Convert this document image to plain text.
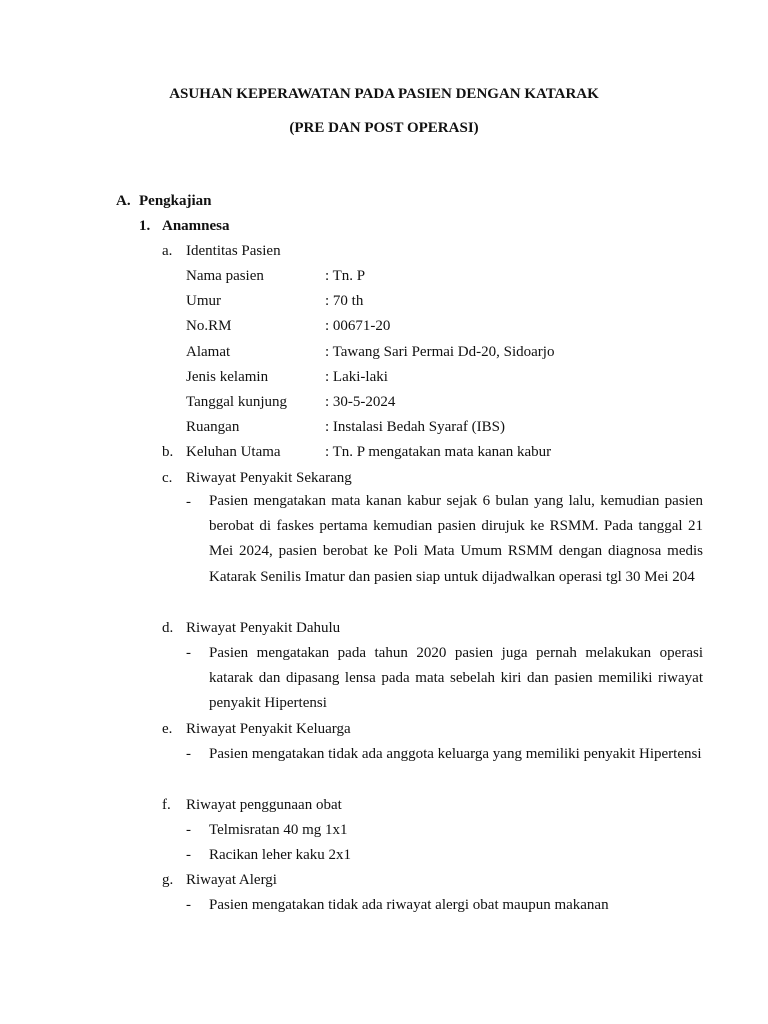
ASUHAN KEPERAWATAN PADA PASIEN DENGAN KATARAK
(PRE DAN POST OPERASI)
A. Pengkajian
1. Anamnesa
a. Identitas Pasien
Nama pasien	: Tn. P
Umur	: 70 th
No.RM	: 00671-20
Alamat	: Tawang Sari Permai Dd-20, Sidoarjo
Jenis kelamin	: Laki-laki
Tanggal kunjung	: 30-5-2024
Ruangan	: Instalasi Bedah Syaraf (IBS)
b. Keluhan Utama	: Tn. P mengatakan mata kanan kabur
c. Riwayat Penyakit Sekarang
- Pasien mengatakan mata kanan kabur sejak 6 bulan yang lalu, kemudian pasien berobat di faskes pertama kemudian pasien dirujuk ke RSMM. Pada tanggal 21 Mei 2024, pasien berobat ke Poli Mata Umum RSMM dengan diagnosa medis Katarak Senilis Imatur dan pasien siap untuk dijadwalkan operasi tgl 30 Mei 204
d. Riwayat Penyakit Dahulu
- Pasien mengatakan pada tahun 2020 pasien juga pernah melakukan operasi katarak dan dipasang lensa pada mata sebelah kiri dan pasien memiliki riwayat penyakit Hipertensi
e. Riwayat Penyakit Keluarga
- Pasien mengatakan tidak ada anggota keluarga yang memiliki penyakit Hipertensi
f. Riwayat penggunaan obat
- Telmisratan 40 mg 1x1
- Racikan leher kaku 2x1
g. Riwayat Alergi
- Pasien mengatakan tidak ada riwayat alergi obat maupun makanan
